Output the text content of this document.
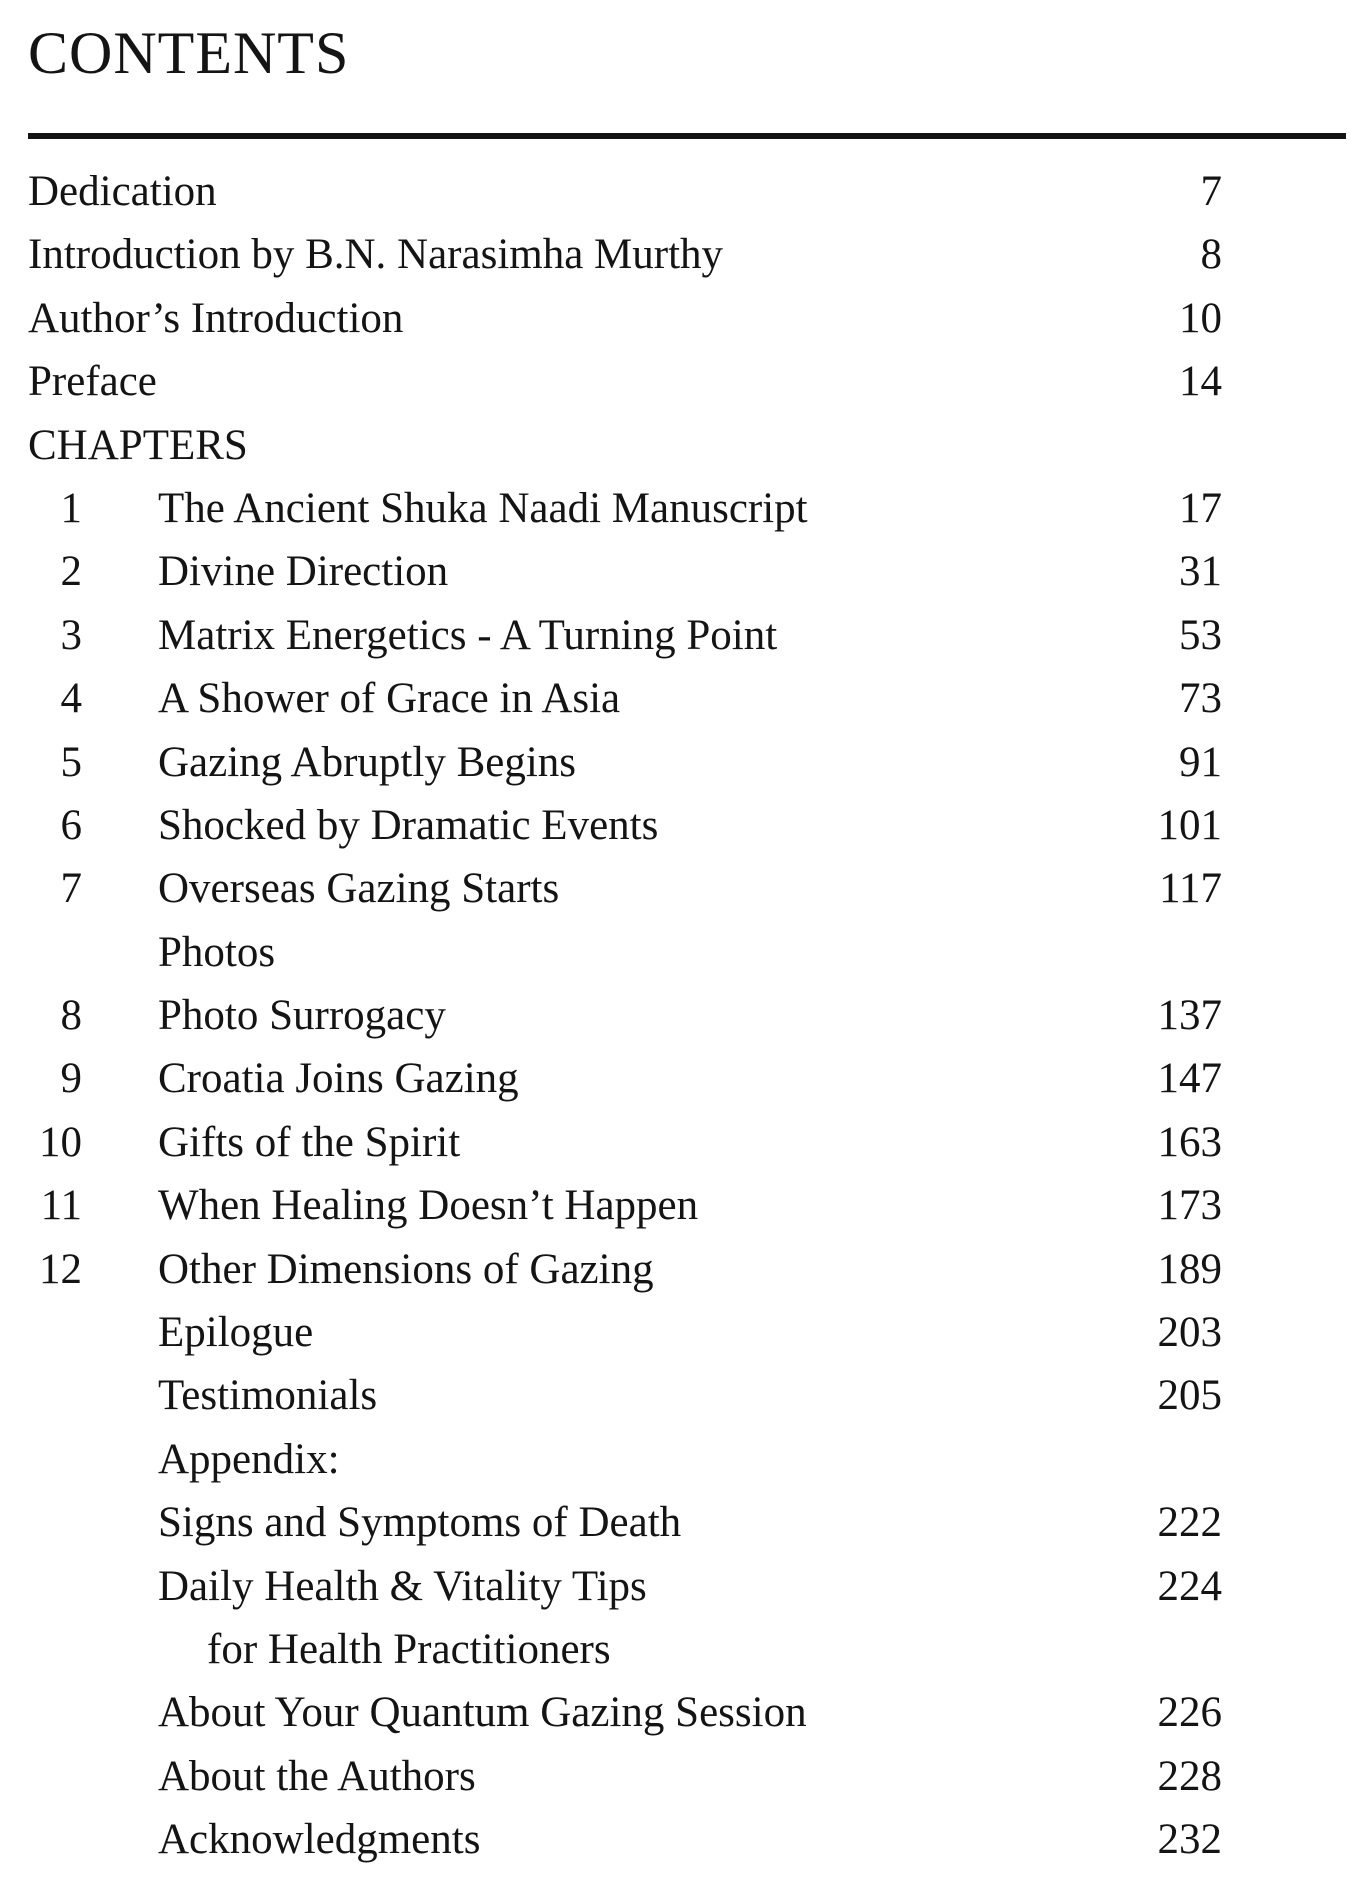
CONTENTS
Dedication	7
Introduction by B.N. Narasimha Murthy	8
Author’s Introduction	10
Preface	14
CHAPTERS
1 The Ancient Shuka Naadi Manuscript	17
2 Divine Direction	31
3 Matrix Energetics - A Turning Point	53
4 A Shower of Grace in Asia	73
5 Gazing Abruptly Begins	91
6 Shocked by Dramatic Events	101
7 Overseas Gazing Starts	117
Photos
8 Photo Surrogacy	137
9 Croatia Joins Gazing	147
10 Gifts of the Spirit	163
11 When Healing Doesn’t Happen	173
12 Other Dimensions of Gazing	189
Epilogue	203
Testimonials	205
Appendix:
Signs and Symptoms of Death	222
Daily Health & Vitality Tips	224
for Health Practitioners
About Your Quantum Gazing Session	226
About the Authors	228
Acknowledgments	232
